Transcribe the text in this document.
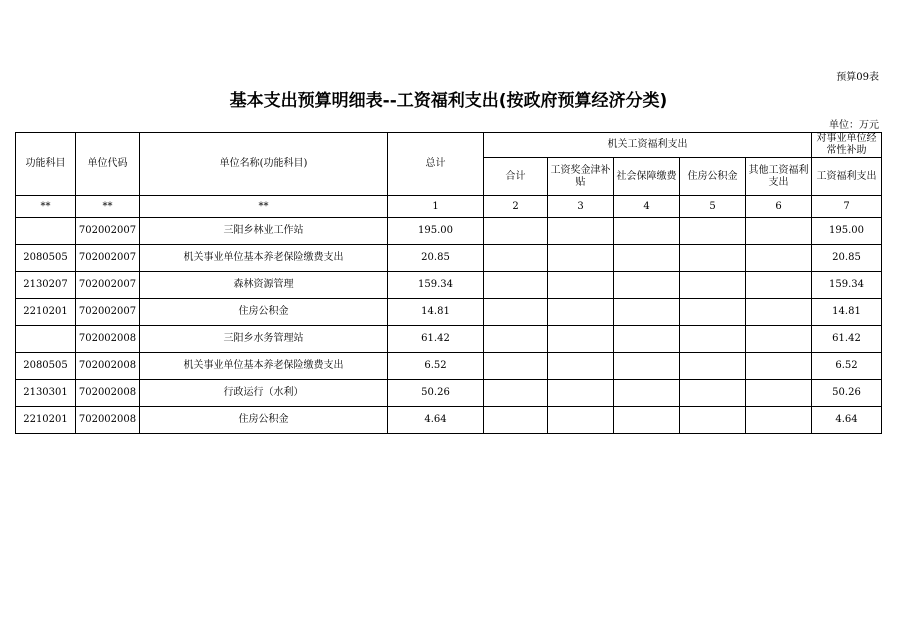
预算09表
基本支出预算明细表--工资福利支出(按政府预算经济分类)
单位：万元
功能科目	单位代码	单位名称(功能科目)	总计	机关工资福利支出					对事业单位经常性补助
				合计	工资奖金津补贴	社会保障缴费	住房公积金	其他工资福利支出	工资福利支出
**	**	**	1	2	3	4	5	6	7
	702002007	三阳乡林业工作站	195.00						195.00
2080505	702002007	机关事业单位基本养老保险缴费支出	20.85						20.85
2130207	702002007	森林资源管理	159.34						159.34
2210201	702002007	住房公积金	14.81						14.81
	702002008	三阳乡水务管理站	61.42						61.42
2080505	702002008	机关事业单位基本养老保险缴费支出	6.52						6.52
2130301	702002008	行政运行（水利）	50.26						50.26
2210201	702002008	住房公积金	4.64						4.64
